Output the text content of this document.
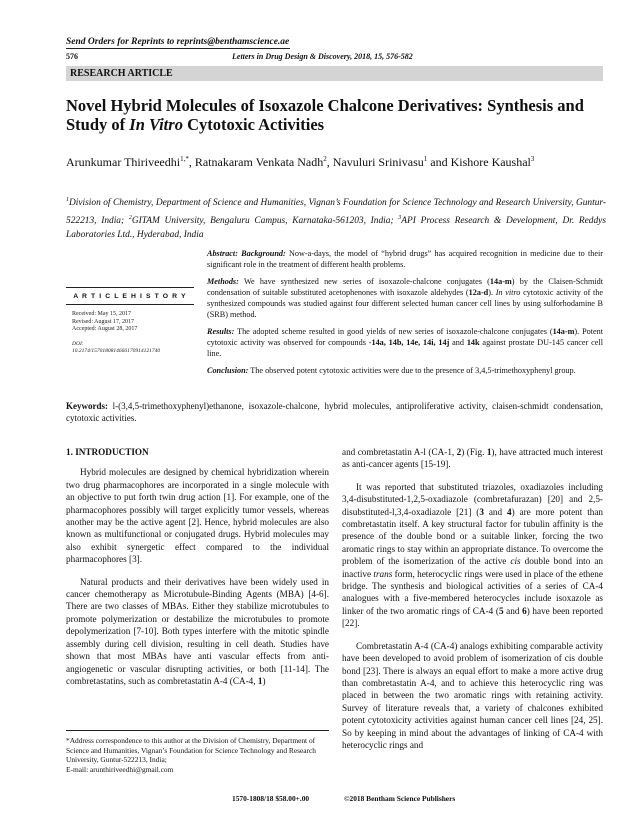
Send Orders for Reprints to reprints@benthamscience.ae
576	Letters in Drug Design & Discovery, 2018, 15, 576-582
RESEARCH ARTICLE
Novel Hybrid Molecules of Isoxazole Chalcone Derivatives: Synthesis and Study of In Vitro Cytotoxic Activities
Arunkumar Thiriveedhi$^{1,*}$, Ratnakaram Venkata Nadh$^2$, Navuluri Srinivasu$^1$ and Kishore Kaushal$^3$
$^1$Division of Chemistry, Department of Science and Humanities, Vignan’s Foundation for Science Technology and Research University, Guntur-522213, India; $^2$GITAM University, Bengaluru Campus, Karnataka-561203, India; $^3$API Process Research & Development, Dr. Reddys Laboratories Ltd., Hyderabad, India
A R T I C L E H I S T O R Y
Received: May 15, 2017
Revised: August 17, 2017
Accepted: August 28, 2017
DOI:
10.2174/1570180814666170914121740

Abstract: Background: Now-a-days, the model of “hybrid drugs” has acquired recognition in medicine due to their significant role in the treatment of different health problems.

Methods: We have synthesized new series of isoxazole-chalcone conjugates (14a-m) by the Claisen-Schmidt condensation of suitable substituted acetophenones with isoxazole aldehydes (12a-d). In vitro cytotoxic activity of the synthesized compounds was studied against four different selected human cancer cell lines by using sulforhodamine B (SRB) method.

Results: The adopted scheme resulted in good yields of new series of isoxazole-chalcone conjugates (14a-m). Potent cytotoxic activity was observed for compounds -14a, 14b, 14e, 14i, 14j and 14k against prostate DU-145 cancer cell line.

Conclusion: The observed potent cytotoxic activities were due to the presence of 3,4,5-trimethoxyphenyl group.

Keywords: l-(3,4,5-trimethoxyphenyl)ethanone, isoxazole-chalcone, hybrid molecules, antiproliferative activity, claisen-schmidt condensation, cytotoxic activities.
1. INTRODUCTION

Hybrid molecules are designed by chemical hybridization wherein two drug pharmacophores are incorporated in a single molecule with an objective to put forth twin drug action [1]. For example, one of the pharmacophores possibly will target explicitly tumor vessels, whereas another may be the active agent [2]. Hence, hybrid molecules are also known as multifunctional or conjugated drugs. Hybrid molecules may also exhibit synergetic effect compared to the individual pharmacophores [3].

Natural products and their derivatives have been widely used in cancer chemotherapy as Microtubule-Binding Agents (MBA) [4-6]. There are two classes of MBAs. Either they stabilize microtubules to promote polymerization or destabilize the microtubules to promote depolymerization [7-10]. Both types interfere with the mitotic spindle assembly during cell division, resulting in cell death. Studies have shown that most MBAs have anti vascular effects from anti-angiogenetic or vascular disrupting activities, or both [11-14]. The combretastatins, such as combretastatin A-4 (CA-4, 1)

and combretastatin A-l (CA-1, 2) (Fig. 1), have attracted much interest as anti-cancer agents [15-19].

It was reported that substituted triazoles, oxadiazoles including 3,4-disubstituted-1,2,5-oxadiazole (combretafurazan) [20] and 2,5-disubstituted-l,3,4-oxadiazole [21] (3 and 4) are more potent than combretastatin itself. A key structural factor for tubulin affinity is the presence of the double bond or a suitable linker, forcing the two aromatic rings to stay within an appropriate distance. To overcome the problem of the isomerization of the active cis double bond into an inactive trans form, heterocyclic rings were used in place of the ethene bridge. The synthesis and biological activities of a series of CA-4 analogues with a five-membered heterocycles include isoxazole as linker of the two aromatic rings of CA-4 (5 and 6) have been reported [22].

Combretastatin A-4 (CA-4) analogs exhibiting comparable activity have been developed to avoid problem of isomerization of cis double bond [23]. There is always an equal effort to make a more active drug than combretastatin A-4, and to achieve this heterocyclic ring was placed in between the two aromatic rings with retaining activity. Survey of literature reveals that, a variety of chalcones exhibited potent cytotoxicity activities against human cancer cell lines [24, 25]. So by keeping in mind about the advantages of linking of CA-4 with heterocyclic rings and

*Address correspondence to this author at the Division of Chemistry, Department of Science and Humanities, Vignan’s Foundation for Science Technology and Research University, Guntur-522213, India;
E-mail: arunthiriveedhi@gmail.com
1570-1808/18 $58.00+.00	©2018 Bentham Science Publishers
